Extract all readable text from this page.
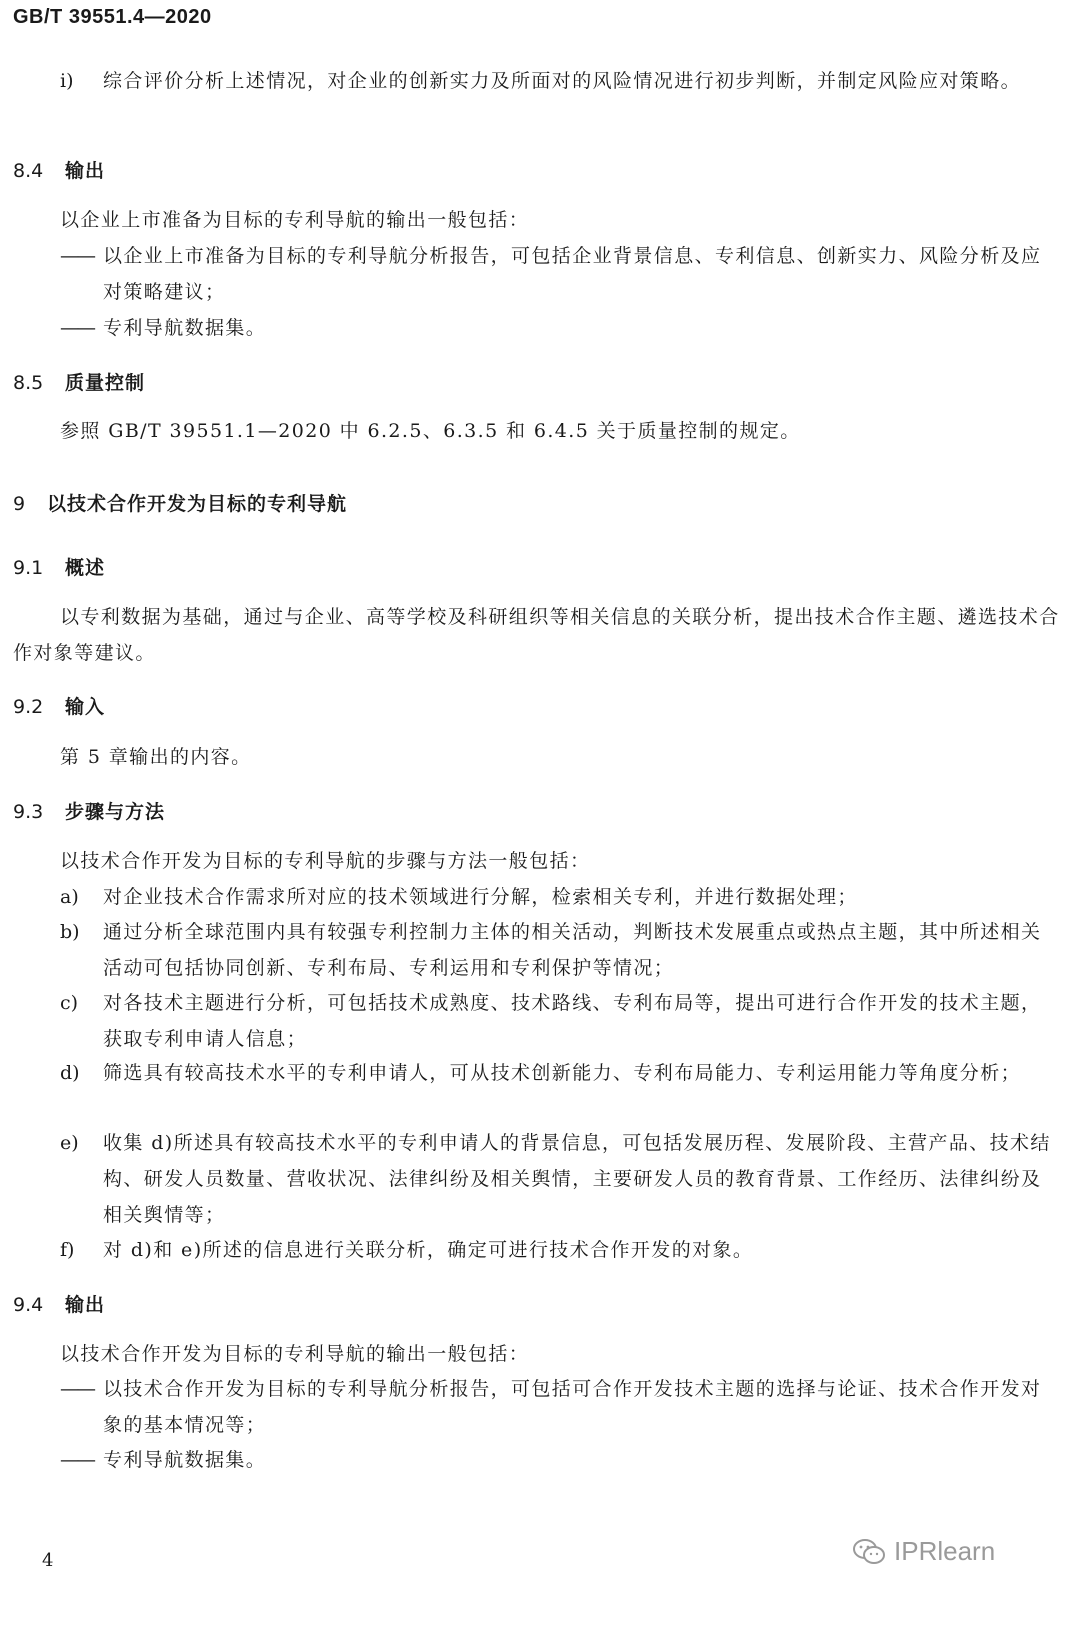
GB/T 39551.4—2020
i) 综合评价分析上述情况，对企业的创新实力及所面对的风险情况进行初步判断，并制定风险应对策略。
8.4 输出
以企业上市准备为目标的专利导航的输出一般包括：
—— 以企业上市准备为目标的专利导航分析报告，可包括企业背景信息、专利信息、创新实力、风险分析及应对策略建议；
—— 专利导航数据集。
8.5 质量控制
参照 GB/T 39551.1—2020 中 6.2.5、6.3.5 和 6.4.5 关于质量控制的规定。
9 以技术合作开发为目标的专利导航
9.1 概述
以专利数据为基础，通过与企业、高等学校及科研组织等相关信息的关联分析，提出技术合作主题、遴选技术合作对象等建议。
9.2 输入
第 5 章输出的内容。
9.3 步骤与方法
以技术合作开发为目标的专利导航的步骤与方法一般包括：
a) 对企业技术合作需求所对应的技术领域进行分解，检索相关专利，并进行数据处理；
b) 通过分析全球范围内具有较强专利控制力主体的相关活动，判断技术发展重点或热点主题，其中所述相关活动可包括协同创新、专利布局、专利运用和专利保护等情况；
c) 对各技术主题进行分析，可包括技术成熟度、技术路线、专利布局等，提出可进行合作开发的技术主题，获取专利申请人信息；
d) 筛选具有较高技术水平的专利申请人，可从技术创新能力、专利布局能力、专利运用能力等角度分析；
e) 收集 d)所述具有较高技术水平的专利申请人的背景信息，可包括发展历程、发展阶段、主营产品、技术结构、研发人员数量、营收状况、法律纠纷及相关舆情，主要研发人员的教育背景、工作经历、法律纠纷及相关舆情等；
f) 对 d)和 e)所述的信息进行关联分析，确定可进行技术合作开发的对象。
9.4 输出
以技术合作开发为目标的专利导航的输出一般包括：
—— 以技术合作开发为目标的专利导航分析报告，可包括可合作开发技术主题的选择与论证、技术合作开发对象的基本情况等；
—— 专利导航数据集。
4	IPRlearn
